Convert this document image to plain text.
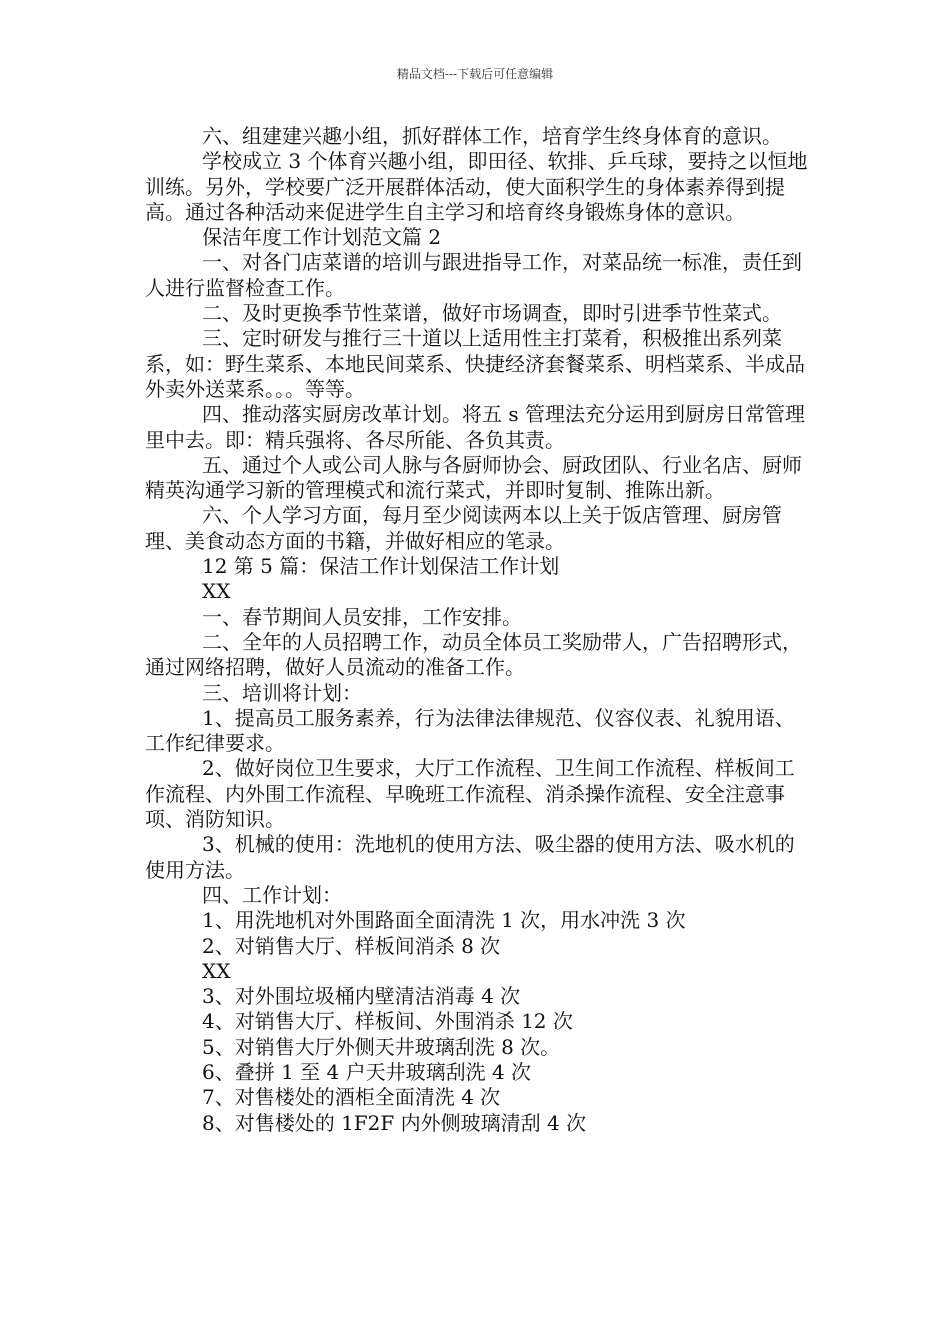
精品文档---下载后可任意编辑

六、组建建兴趣小组，抓好群体工作，培育学生终身体育的意识。

学校成立 3 个体育兴趣小组，即田径、软排、乒乓球，要持之以恒地训练。另外，学校要广泛开展群体活动，使大面积学生的身体素养得到提高。通过各种活动来促进学生自主学习和培育终身锻炼身体的意识。

保洁年度工作计划范文篇 2

一、对各门店菜谱的培训与跟进指导工作，对菜品统一标准，责任到人进行监督检查工作。

二、及时更换季节性菜谱，做好市场调查，即时引进季节性菜式。

三、定时研发与推行三十道以上适用性主打菜肴，积极推出系列菜系，如：野生菜系、本地民间菜系、快捷经济套餐菜系、明档菜系、半成品外卖外送菜系。。。等等。

四、推动落实厨房改革计划。将五 s 管理法充分运用到厨房日常管理里中去。即：精兵强将、各尽所能、各负其责。

五、通过个人或公司人脉与各厨师协会、厨政团队、行业名店、厨师精英沟通学习新的管理模式和流行菜式，并即时复制、推陈出新。

六、个人学习方面，每月至少阅读两本以上关于饭店管理、厨房管理、美食动态方面的书籍，并做好相应的笔录。

12 第 5 篇：保洁工作计划保洁工作计划

XX

一、春节期间人员安排，工作安排。

二、全年的人员招聘工作，动员全体员工奖励带人，广告招聘形式，通过网络招聘，做好人员流动的准备工作。

三、培训将计划：

1、提高员工服务素养，行为法律法律规范、仪容仪表、礼貌用语、工作纪律要求。

2、做好岗位卫生要求，大厅工作流程、卫生间工作流程、样板间工作流程、内外围工作流程、早晚班工作流程、消杀操作流程、安全注意事项、消防知识。

3、机械的使用：洗地机的使用方法、吸尘器的使用方法、吸水机的使用方法。

四、工作计划：

1、用洗地机对外围路面全面清洗 1 次，用水冲洗 3 次

2、对销售大厅、样板间消杀 8 次

XX

3、对外围垃圾桶内壁清洁消毒 4 次

4、对销售大厅、样板间、外围消杀 12 次

5、对销售大厅外侧天井玻璃刮洗 8 次。

6、叠拼 1 至 4 户天井玻璃刮洗 4 次

7、对售楼处的酒柜全面清洗 4 次

8、对售楼处的 1F2F 内外侧玻璃清刮 4 次
